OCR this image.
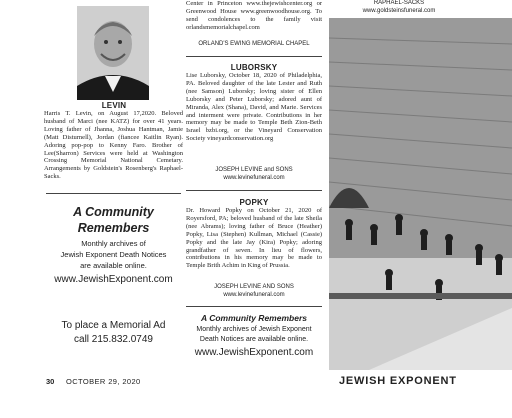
LEVIN
Harris T. Levin, on August 17,2020. Beloved husband of Marci (nee KATZ) for over 41 years. Loving father of Jhanna, Joshua Hantman, Jamie (Matt Disturnell), Jordan (fiancee Kaitlin Ryan). Adoring pop-pop to Kenny Faro. Brother of Lee(Sharron) Services were held at Washington Crossing Memorial National Cemetary. Arrangements by Goldstein's Rosenberg's Raphael-Sacks.
A Community
Remembers
Monthly archives of
Jewish Exponent Death Notices
are available online.
www.JewishExponent.com
To place a Memorial Ad
call 215.832.0749
Center in Princeton www.thejewishcenter.org or Greenwood House www.greenwoodhouse.org. To send condolences to the family visit orlandsmemorialchapel.com
ORLAND'S EWING MEMORIAL CHAPEL
LUBORSKY
Lise Luborsky, October 18, 2020 of Philadelphia, PA. Beloved daughter of the late Lester and Ruth (nee Samson) Luborsky; loving sister of Ellen Luborsky and Peter Luborsky; adored aunt of Miranda, Alex (Shana), David, and Marie. Services and interment were private. Contributions in her memory may be made to Temple Beth Zion-Beth Israel bzbi.org, or the Vineyard Conservation Society vineyardconservation.org
JOSEPH LEVINE and SONS
www.levinefuneral.com
POPKY
Dr. Howard Popky on October 21, 2020 of Royersford, PA; beloved husband of the late Sheila (nee Abrams); loving father of Bruce (Heather) Popky, Lisa (Stephen) Kullman, Michael (Cassie) Popky and the late Jay (Kira) Popky; adoring grandfather of seven. In lieu of flowers, contributions in his memory may be made to Temple Brith Achim in King of Prussia.
JOSEPH LEVINE AND SONS
www.levinefuneral.com
A Community Remembers
Monthly archives of Jewish Exponent
Death Notices are available online.
www.JewishExponent.com
RAPHAEL-SACKS
www.goldsteinsfuneral.com
30 OCTOBER 29, 2020	JEWISH EXPONENT
